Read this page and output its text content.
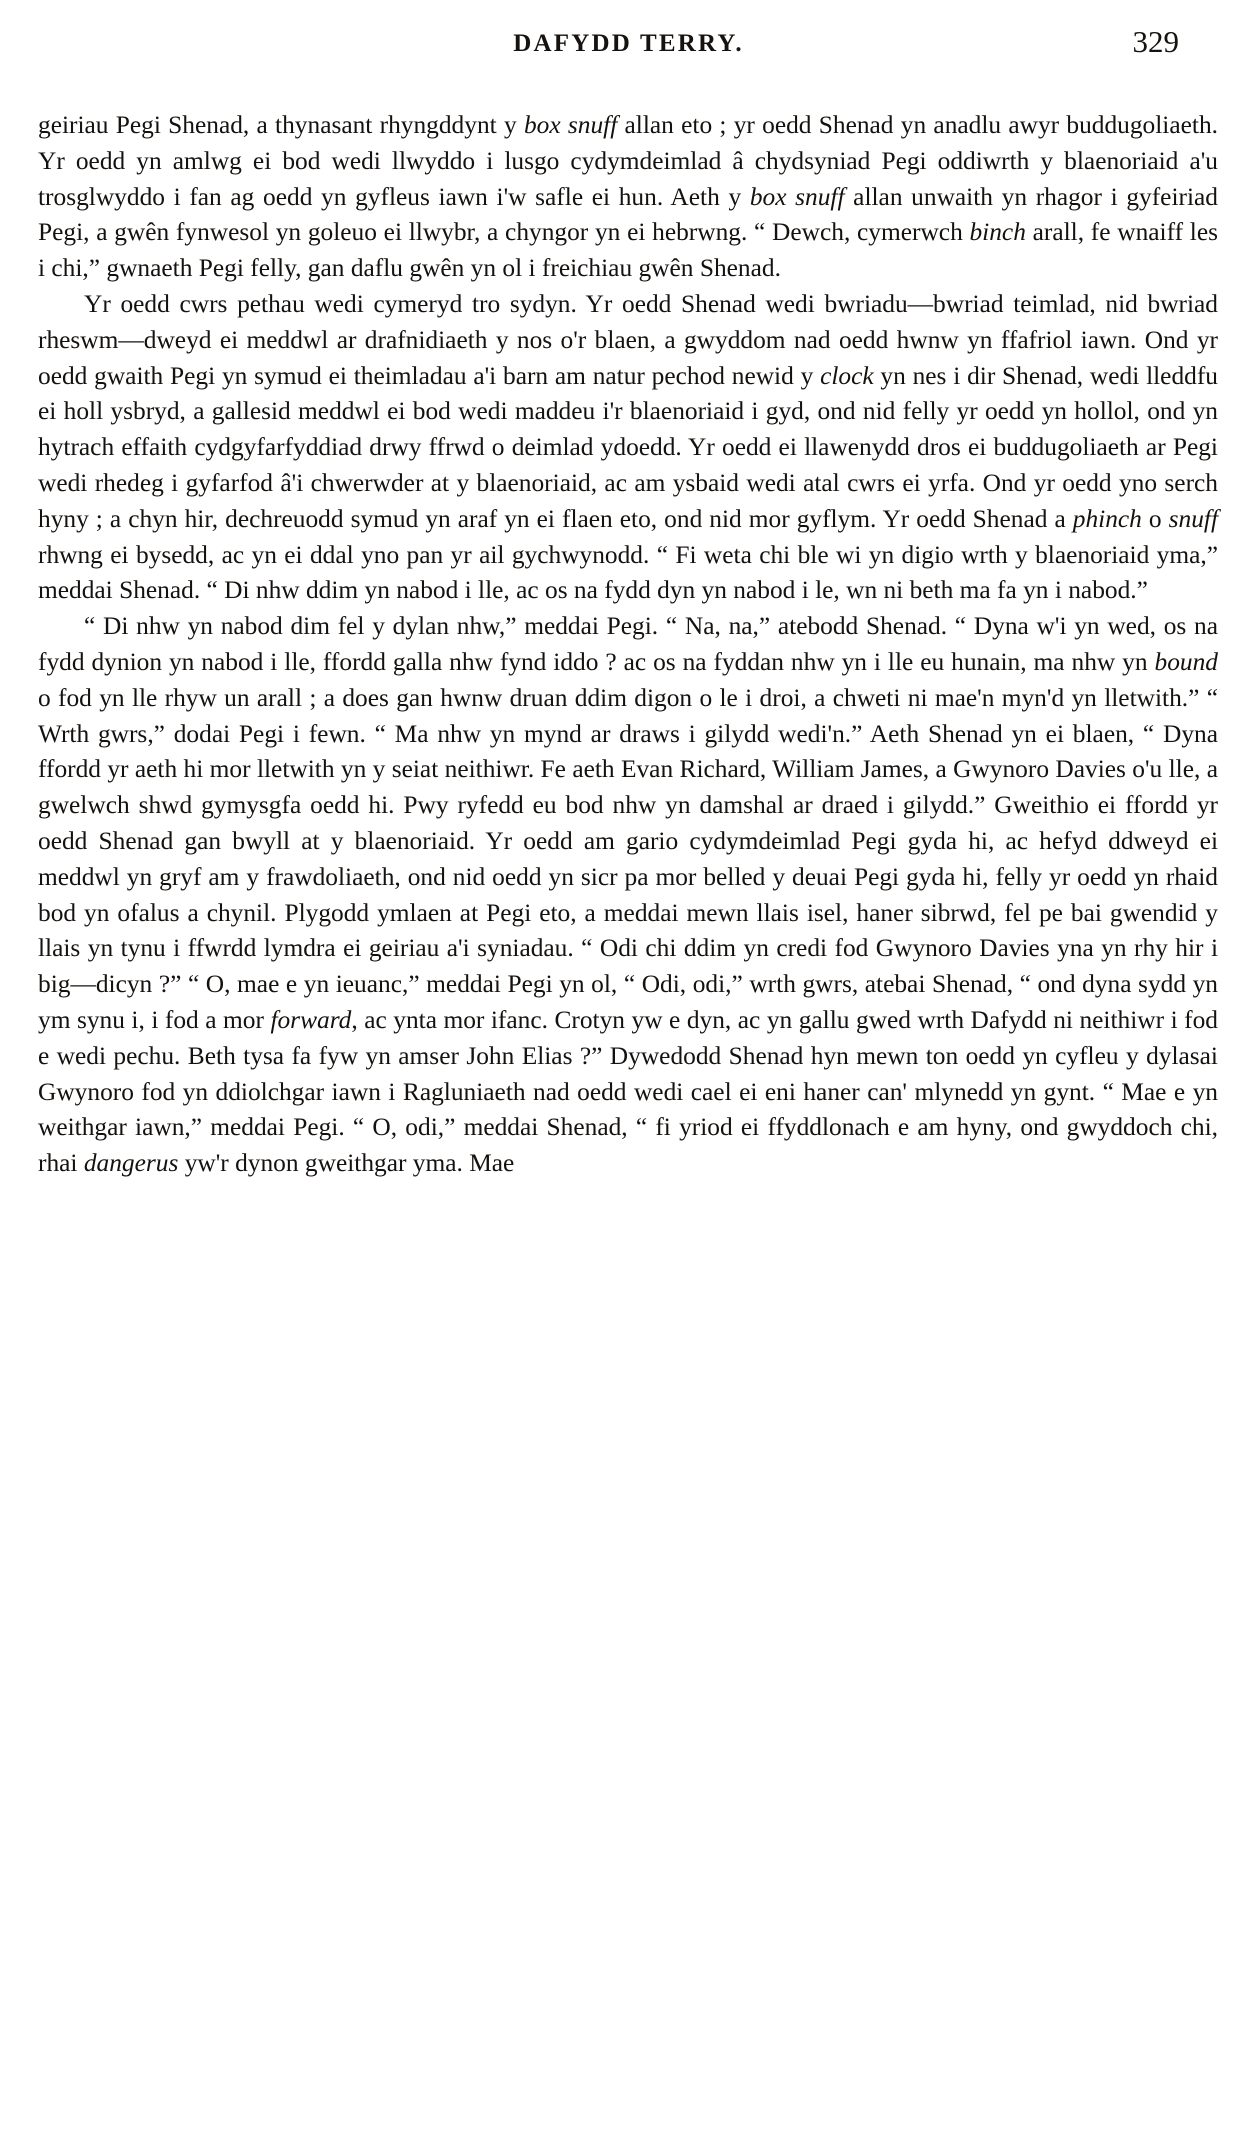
DAFYDD TERRY.	329

geiriau Pegi Shenad, a thynasant rhyngddynt y box snuff allan eto ; yr oedd Shenad yn anadlu awyr buddugoliaeth. Yr oedd yn amlwg ei bod wedi llwyddo i lusgo cydymdeimlad â chydsyniad Pegi oddiwrth y blaenoriaid a'u trosglwyddo i fan ag oedd yn gyfleus iawn i'w safle ei hun. Aeth y box snuff allan unwaith yn rhagor i gyfeiriad Pegi, a gwên fynwesol yn goleuo ei llwybr, a chyngor yn ei hebrwng. “ Dewch, cymerwch binch arall, fe wnaiff les i chi,” gwnaeth Pegi felly, gan daflu gwên yn ol i freichiau gwên Shenad.

Yr oedd cwrs pethau wedi cymeryd tro sydyn. Yr oedd Shenad wedi bwriadu—bwriad teimlad, nid bwriad rheswm—dweyd ei meddwl ar drafnidiaeth y nos o'r blaen, a gwyddom nad oedd hwnw yn ffafriol iawn. Ond yr oedd gwaith Pegi yn symud ei theimladau a'i barn am natur pechod newid y clock yn nes i dir Shenad, wedi lleddfu ei holl ysbryd, a gallesid meddwl ei bod wedi maddeu i'r blaenoriaid i gyd, ond nid felly yr oedd yn hollol, ond yn hytrach effaith cydgyfarfyddiad drwy ffrwd o deimlad ydoedd. Yr oedd ei llawenydd dros ei buddugoliaeth ar Pegi wedi rhedeg i gyfarfod â'i chwerwder at y blaenoriaid, ac am ysbaid wedi atal cwrs ei yrfa. Ond yr oedd yno serch hyny ; a chyn hir, dechreuodd symud yn araf yn ei flaen eto, ond nid mor gyflym. Yr oedd Shenad a phinch o snuff rhwng ei bysedd, ac yn ei ddal yno pan yr ail gychwynodd. “ Fi weta chi ble wi yn digio wrth y blaenoriaid yma,” meddai Shenad. “ Di nhw ddim yn nabod i lle, ac os na fydd dyn yn nabod i le, wn ni beth ma fa yn i nabod.”

“ Di nhw yn nabod dim fel y dylan nhw,” meddai Pegi. “ Na, na,” atebodd Shenad. “ Dyna w'i yn wed, os na fydd dynion yn nabod i lle, ffordd galla nhw fynd iddo ? ac os na fyddan nhw yn i lle eu hunain, ma nhw yn bound o fod yn lle rhyw un arall ; a does gan hwnw druan ddim digon o le i droi, a chweti ni mae'n myn'd yn lletwith.” “ Wrth gwrs,” dodai Pegi i fewn. “ Ma nhw yn mynd ar draws i gilydd wedi'n.” Aeth Shenad yn ei blaen, “ Dyna ffordd yr aeth hi mor lletwith yn y seiat neithiwr. Fe aeth Evan Richard, William James, a Gwynoro Davies o'u lle, a gwelwch shwd gymysgfa oedd hi. Pwy ryfedd eu bod nhw yn damshal ar draed i gilydd.” Gweithio ei ffordd yr oedd Shenad gan bwyll at y blaenoriaid. Yr oedd am gario cydymdeimlad Pegi gyda hi, ac hefyd ddweyd ei meddwl yn gryf am y frawdoliaeth, ond nid oedd yn sicr pa mor belled y deuai Pegi gyda hi, felly yr oedd yn rhaid bod yn ofalus a chynil. Plygodd ymlaen at Pegi eto, a meddai mewn llais isel, haner sibrwd, fel pe bai gwendid y llais yn tynu i ffwrdd lymdra ei geiriau a'i syniadau. “ Odi chi ddim yn credi fod Gwynoro Davies yna yn rhy hir i big—dicyn ?” “ O, mae e yn ieuanc,” meddai Pegi yn ol, “ Odi, odi,” wrth gwrs, atebai Shenad, “ ond dyna sydd yn ym synu i, i fod a mor forward, ac ynta mor ifanc. Crotyn yw e dyn, ac yn gallu gwed wrth Dafydd ni neithiwr i fod e wedi pechu. Beth tysa fa fyw yn amser John Elias ?” Dywedodd Shenad hyn mewn ton oedd yn cyfleu y dylasai Gwynoro fod yn ddiolchgar iawn i Ragluniaeth nad oedd wedi cael ei eni haner can' mlynedd yn gynt. “ Mae e yn weithgar iawn,” meddai Pegi. “ O, odi,” meddai Shenad, “ fi yriod ei ffyddlonach e am hyny, ond gwyddoch chi, rhai dangerus yw'r dynon gweithgar yma. Mae
